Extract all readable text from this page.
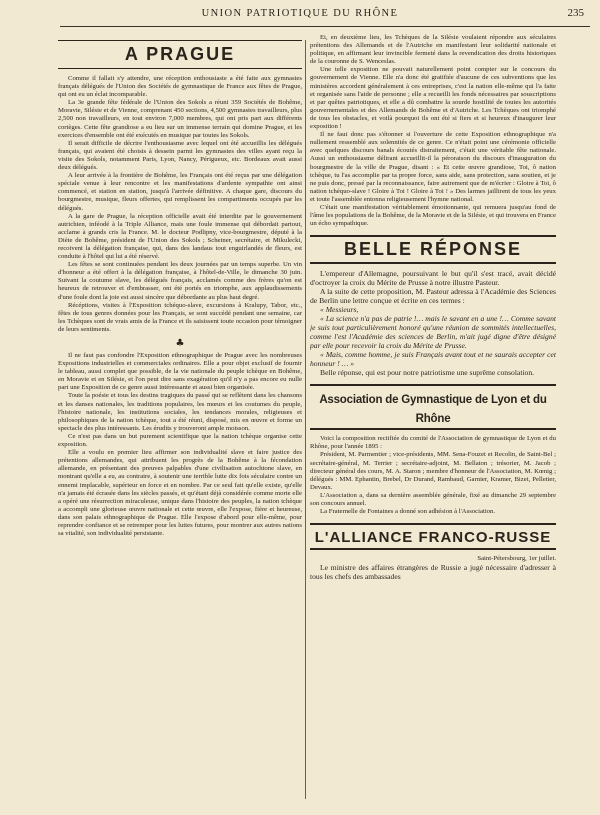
UNION PATRIOTIQUE DU RHÔNE	235
A PRAGUE

Comme il fallait s'y attendre, une réception enthousiaste a été faite aux gymnastes français délégués de l'Union des Sociétés de gymnastique de France aux fêtes de Prague, qui ont eu un éclat incomparable.

La 3e grande fête fédérale de l'Union des Sokols a réuni 359 Sociétés de Bohême, Moravie, Silésie et de Vienne, comprenant 450 sections, 4,500 gymnastes travailleurs, plus 2,500 non travailleurs, en tout environ 7,000 membres, qui ont pris part aux différents cortèges. Cette fête grandiose a eu lieu sur un immense terrain qui domine Prague, et les exercices d'ensemble ont été exécutés en musique par toutes les Sokols.

Il serait difficile de décrire l'enthousiasme avec lequel ont été accueillis les délégués français, qui avaient été choisis à dessein parmi les gymnastes des villes ayant reçu la visite des Sokols, notamment Paris, Lyon, Nancy, Périgueux, etc. Bordeaux avait aussi deux délégués.

A leur arrivée à la frontière de Bohême, les Français ont été reçus par une délégation spéciale venue à leur rencontre et les manifestations d'ardente sympathie ont ainsi commencé, et station en station, jusqu'à l'arrivée définitive. A chaque gare, discours du bourgmestre, musique, fleurs offertes, qui remplissent les compartiments occupés par les délégués.

A la gare de Prague, la réception officielle avait été interdite par le gouvernement autrichien, inféodé à la Triple Alliance, mais une foule immense qui débordait partout, acclame à grands cris la France. M. le docteur Podlipny, vice-bourgmestre, député à la Diète de Bohême, président de l'Union des Sokols ; Scheiner, secrétaire, et Mikulecki, recoivent la délégation française, qui, dans des landaus tout enguirlandés de fleurs, est conduite à l'hôtel qui lui a été réservé.

Les fêtes se sont continuées pendant les deux journées par un temps superbe. Un vin d'honneur a été offert à la délégation française, à l'hôtel-de-Ville, le dimanche 30 juin. Suivant la coutume slave, les délégués français, acclamés comme des frères qu'on est heureux de retrouver et d'embrasser, ont été portés en triomphe, aux applaudissements d'une foule dont la joie est aussi sincère que débordante au plus haut degré.

Récéptions, visites à l'Exposition tchéquo-slave, excursions à Kralupy, Tabor, etc., fêtes de tous genres données pour les Français, se sont succédé pendant une semaine, car les Tchèques sont de vrais amis de la France et ils saisissent toute occasion pour témoigner de leurs sentiments.

♣

Il ne faut pas confondre l'Exposition ethnographique de Prague avec les nombreuses Expositions industrielles et commerciales ordinaires. Elle a pour objet exclusif de fournir le tableau, aussi complet que possible, de la vie nationale du peuple tchèque en Bohême, en Moravie et en Silésie, et l'on peut dire sans exagération qu'il n'y a pas encore eu nulle part une Exposition de ce genre aussi intéressante et aussi bien organisée.

Toute la poésie et tous les destins tragiques du passé qui se reflètent dans les chansons et les danses nationales, les traditions populaires, les mœurs et les coutumes du peuple, l'histoire nationale, les institutions sociales, les tendances morales, religieuses et philosophiques de la nation tchèque, tout a été réuni, disposé, mis en œuvre et forme un spectacle des plus intéressants. Les érudits y trouveront ample moisson.

Ce n'est pas dans un but purement scientifique que la nation tchèque organise cette exposition.

Elle a voulu en premier lieu affirmer son individualité slave et faire justice des prétentions allemandes, qui attribuent les progrès de la Bohême à la fécondation allemande, en présentant des preuves palpables d'une civilisation autochtone slave, en montrant qu'elle a eu, au contraire, à soutenir une terrible lutte dix fois séculaire contre un ennemi implacable, supérieur en force et en nombre. Par ce seul fait qu'elle existe, qu'elle n'a jamais été écrasée dans les siècles passés, et qu'étant déjà considérée comme morte elle a opéré une résurrection miraculeuse, unique dans l'histoire des peuples, la nation tchèque a accompli une glorieuse œuvre nationale et cette œuvre, elle l'expose, fière et heureuse, dans son palais ethnographique de Prague. Elle l'expose d'abord pour elle-même, pour reprendre confiance et se retremper pour les luttes futures, pour montrer aux autres nations sa vitalité, son individualité persistante.

Et, en deuxième lieu, les Tchèques de la Silésie voulaient répondre aux séculaires prétentions des Allemands et de l'Autriche en manifestant leur solidarité nationale et politique, en affirmant leur invincible fermeté dans la revendication des droits historiques de la couronne de S. Wenceslas.

Une telle exposition ne pouvait naturellement point compter sur le concours du gouvernement de Vienne. Elle n'a donc été gratifiée d'aucune de ces subventions que les ministères accordent généralement à ces entreprises, c'est la nation elle-même qui l'a faite et organisée sans l'aide de personne ; elle a recueilli les fonds nécessaires par souscriptions et par quêtes patriotiques, et elle a dû combattre la sourde hostilité de toutes les autorités gouvernementales et des Allemands de Bohême et d'Autriche. Les Tchèques ont triomphé de tous les obstacles, et voilà pourquoi ils ont été si fiers et si heureux d'inaugurer leur exposition !

Il ne faut donc pas s'étonner si l'ouverture de cette Exposition ethnographique n'a nullement ressemblé aux solennités de ce genre. Ce n'était point une cérémonie officielle avec quelques discours banals écoutés distraitement, c'était une véritable fête nationale. Aussi un enthousiasme délirant accueillit-il la péroraison du discours d'inauguration du bourgmestre de la ville de Prague, disant : « Et cette œuvre grandiose, Toi, ô nation tchèque, tu l'as accomplie par ta propre force, sans aide, sans protection, sans soutien, et je ne puis donc, pressé par la reconnaissance, faire autrement que de m'écrier : Gloire à Toi, ô nation tchéquo-slave ! Gloire à Toi ! Gloire à Toi ! » Des larmes jaillirent de tous les yeux et toute l'assemblée entonna religieusement l'hymne national.

C'était une manifestation véritablement émotionnante, qui remuera jusqu'au fond de l'âme les populations de la Bohême, de la Moravie et de la Silésie, et qui trouvera en France un écho sympathique.

BELLE RÉPONSE

L'empereur d'Allemagne, poursuivant le but qu'il s'est tracé, avait décidé d'octroyer la croix du Mérite de Prusse à notre illustre Pasteur.

A la suite de cette proposition, M. Pasteur adressa à l'Académie des Sciences de Berlin une lettre conçue et écrite en ces termes :

« Messieurs,

« La science n'a pas de patrie !… mais le savant en a une !… Comme savant je suis tout particulièrement honoré qu'une réunion de sommités intellectuelles, comme l'est l'Académie des sciences de Berlin, m'ait jugé digne d'être désigné par elle pour recevoir la croix du Mérite de Prusse.

« Mais, comme homme, je suis Français avant tout et ne saurais accepter cet honneur ! … »

Belle réponse, qui est pour notre patriotisme une suprême consolation.

Association de Gymnastique de Lyon et du Rhône

Voici la composition rectifiée du comité de l'Association de gymnastique de Lyon et du Rhône, pour l'année 1895 :

Président, M. Parmentier ; vice-présidents, MM. Sena-Fouzet et Recolin, de Saint-Bel ; secrétaire-général, M. Terrier ; secrétaire-adjoint, M. Bellaton ; trésorier, M. Jacob ; directeur général des cours, M. A. Staron ; membre d'honneur de l'Association, M. Kœnig ; délégués : MM. Ephantin, Brebel, Dr Durand, Rambaud, Garnier, Kramer, Bizet, Pelletier, Devaux.

L'Association a, dans sa dernière assemblée générale, fixé au dimanche 29 septembre son concours annuel.

La Fraternelle de Fontaines a donné son adhésion à l'Association.

L'ALLIANCE FRANCO-RUSSE
Saint-Pétersbourg, 1er juillet.

Le ministre des affaires étrangères de Russie a jugé nécessaire d'adresser à tous les chefs des ambassades
